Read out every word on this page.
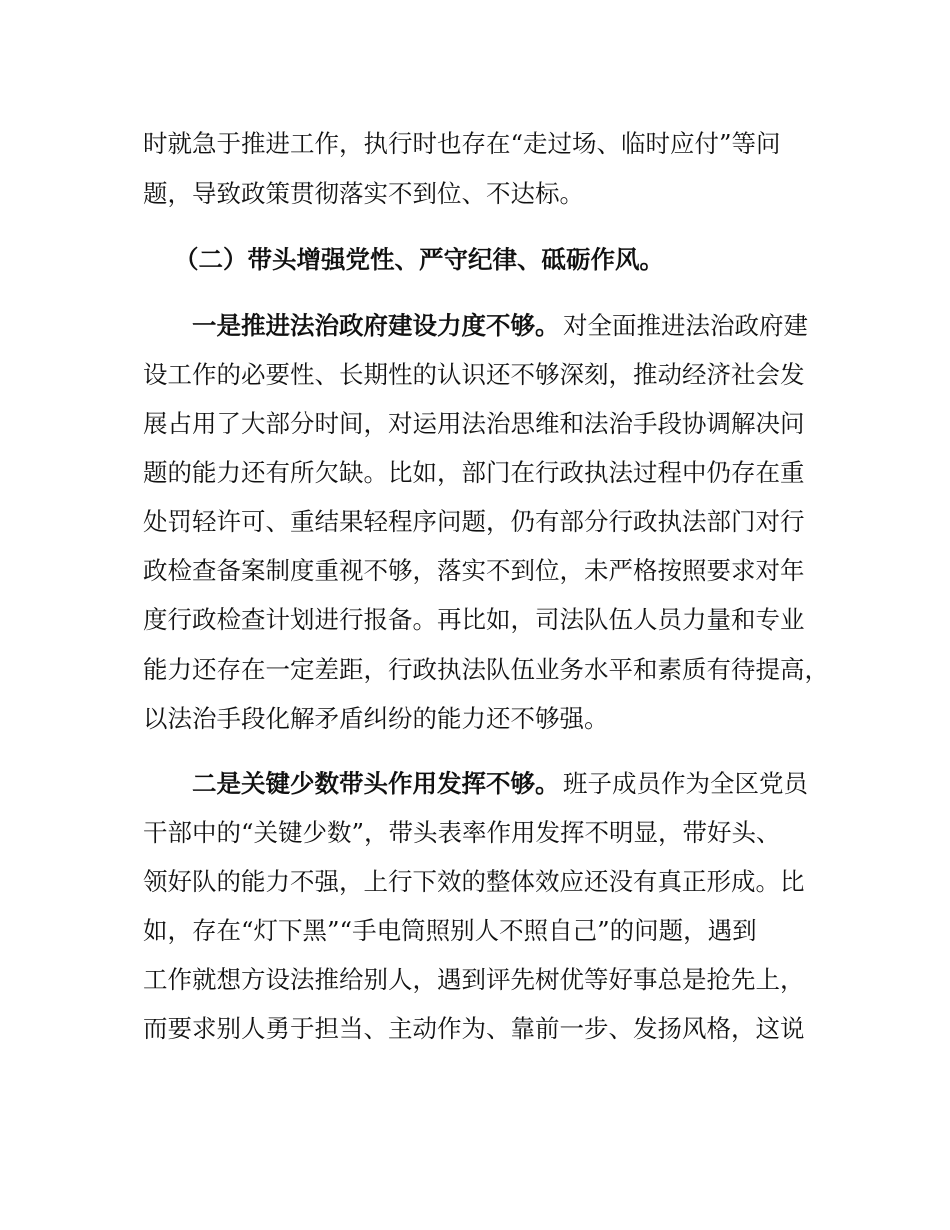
时就急于推进工作，执行时也存在“走过场、临时应付”等问
题，导致政策贯彻落实不到位、不达标。
（二）带头增强党性、严守纪律、砥砺作风。
一是推进法治政府建设力度不够。 对全面推进法治政府建
设工作的必要性、长期性的认识还不够深刻，推动经济社会发
展占用了大部分时间，对运用法治思维和法治手段协调解决问
题的能力还有所欠缺。比如，部门在行政执法过程中仍存在重
处罚轻许可、重结果轻程序问题，仍有部分行政执法部门对行
政检查备案制度重视不够，落实不到位，未严格按照要求对年
度行政检查计划进行报备。再比如，司法队伍人员力量和专业
能力还存在一定差距，行政执法队伍业务水平和素质有待提高，
以法治手段化解矛盾纠纷的能力还不够强。
二是关键少数带头作用发挥不够。 班子成员作为全区党员
干部中的“关键少数”，带头表率作用发挥不明显，带好头、
领好队的能力不强，上行下效的整体效应还没有真正形成。比
如，存在“灯下黑”“手电筒照别人不照自己”的问题，遇到
工作就想方设法推给别人，遇到评先树优等好事总是抢先上，
而要求别人勇于担当、主动作为、靠前一步、发扬风格，这说
